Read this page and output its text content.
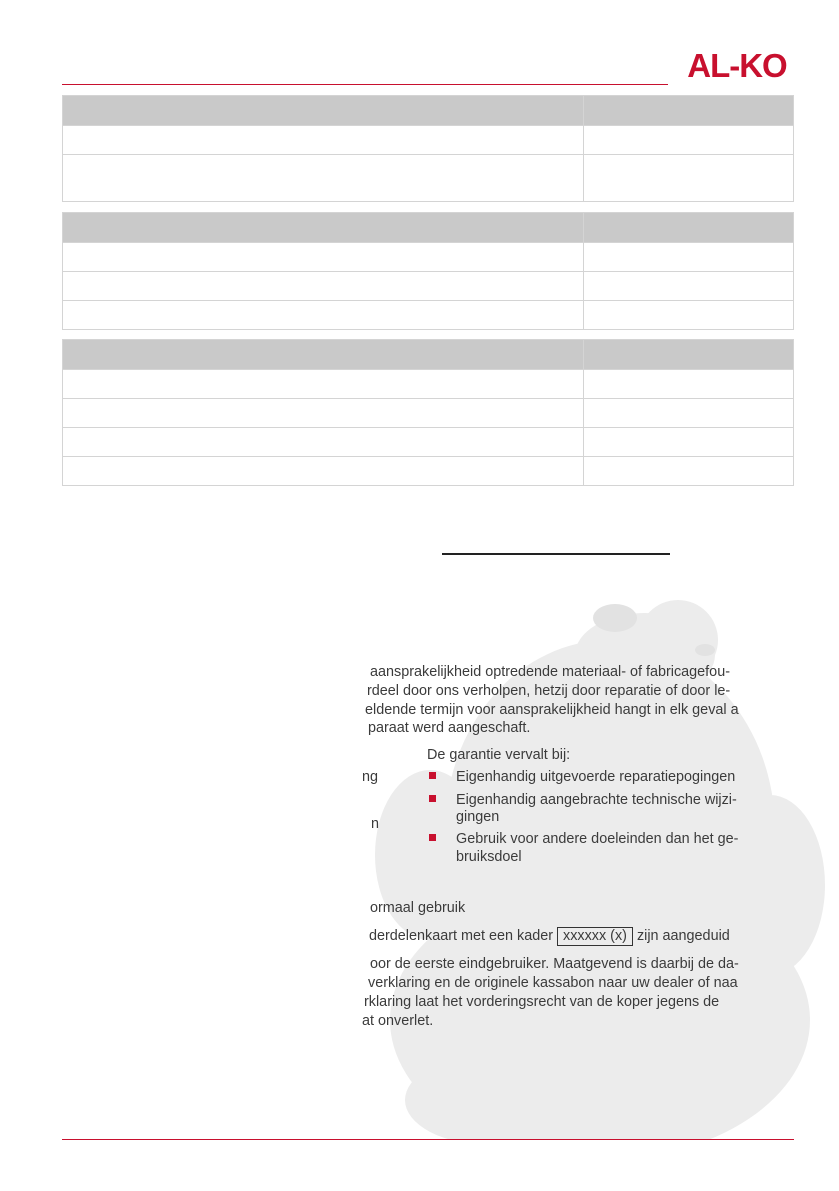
AL-KO
aansprakelijkheid optredende materiaal- of fabricagefou-
rdeel door ons verholpen, hetzij door reparatie of door le-
eldende termijn voor aansprakelijkheid hangt in elk geval a
paraat werd aangeschaft.
De garantie vervalt bij:
ng
n
Eigenhandig uitgevoerde reparatiepogingen
Eigenhandig aangebrachte technische wijzi-
gingen
Gebruik voor andere doeleinden dan het ge-
bruiksdoel
ormaal gebruik
derdelenkaart met een kader xxxxxx (x) zijn aangeduid
oor de eerste eindgebruiker. Maatgevend is daarbij de da-
verklaring en de originele kassabon naar uw dealer of naa
rklaring laat het vorderingsrecht van de koper jegens de
at onverlet.
